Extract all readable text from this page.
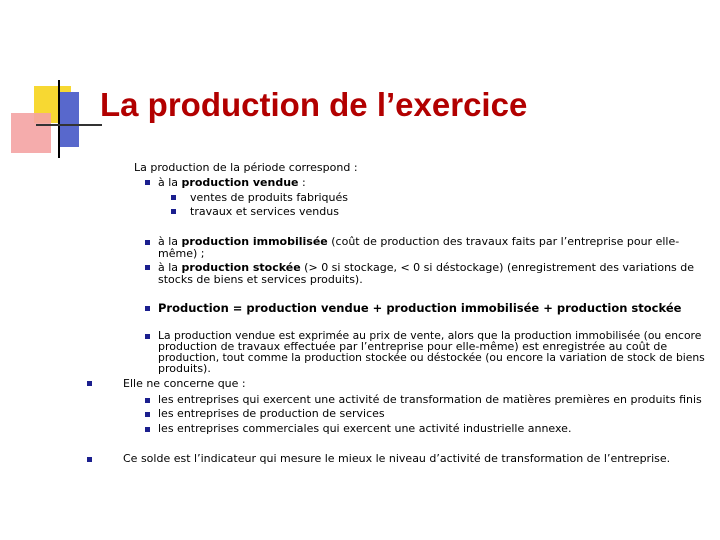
La production de l’exercice
La production de la période correspond :
à la production vendue :
ventes de produits fabriqués
travaux et services vendus
à la production immobilisée (coût de production des travaux faits par l’entreprise pour elle-
même) ;
à la production stockée (> 0 si stockage, < 0 si déstockage) (enregistrement des variations de
stocks de biens et services produits).
Production = production vendue + production immobilisée + production stockée
La production vendue est exprimée au prix de vente, alors que la production immobilisée (ou encore
production de travaux effectuée par l’entreprise pour elle-même) est enregistrée au coût de
production, tout comme la production stockée ou déstockée (ou encore la variation de stock de biens
produits).
Elle ne concerne que :
les entreprises qui exercent une activité de transformation de matières premières en produits finis
les entreprises de production de services
les entreprises commerciales qui exercent une activité industrielle annexe.
Ce solde est l’indicateur qui mesure le mieux le niveau d’activité de transformation de l’entreprise.
